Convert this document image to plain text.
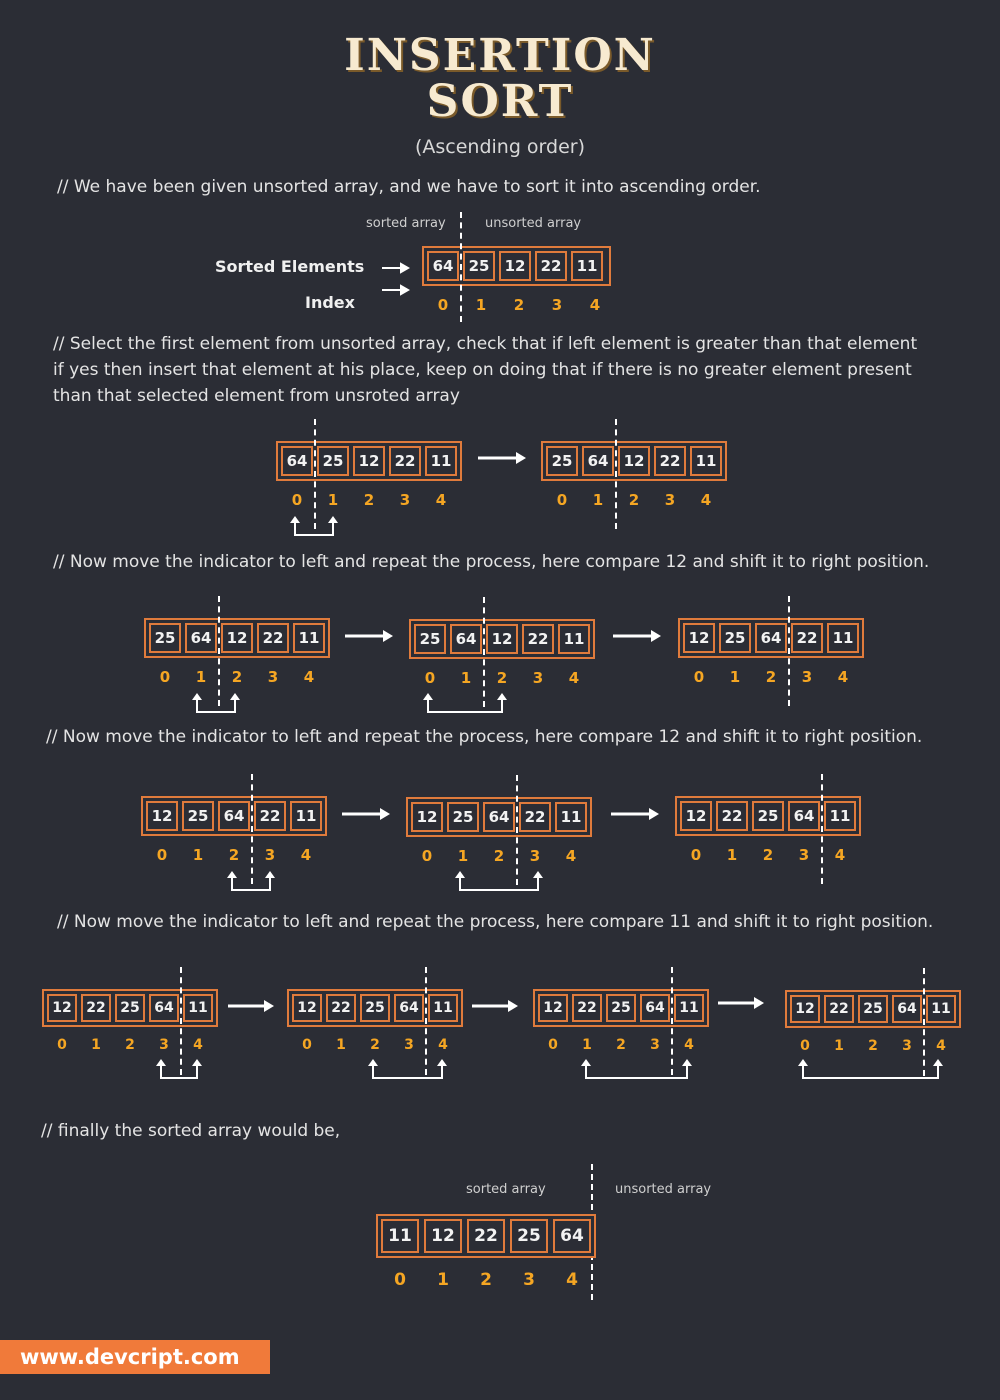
INSERTION
SORT
(Ascending order)
// We have been given unsorted array, and we have to sort it into ascending order.
sorted array	unsorted array
Sorted Elements
Index
64	25	12	22	11
0	1	2	3	4
// Select the first element from unsorted array, check that if left element is greater than that element if yes then insert that element at his place, keep on doing that if there is no greater element present than that selected element from unsroted array
// Now move the indicator to left and repeat the process, here compare 12 and shift it to right position.
// Now move the indicator to left and repeat the process, here compare 12 and shift it to right position.
// Now move the indicator to left and repeat the process, here compare 11 and shift it to right position.
// finally the sorted array would be,
sorted array	unsorted array
64	25	12	22	11
0	1	2	3	4
25	64	12	22	11
0	1	2	3	4
25	64	12	22	11
0	1	2	3	4
25	64	12	22	11
0	1	2	3	4
12	25	64	22	11
0	1	2	3	4
12	25	64	22	11
0	1	2	3	4
12	25	64	22	11
0	1	2	3	4
12	22	25	64	11
0	1	2	3	4
12	22	25	64	11
0	1	2	3	4
12	22	25	64	11
0	1	2	3	4
12	22	25	64	11
0	1	2	3	4
12	22	25	64	11
0	1	2	3	4
11	12	22	25	64
0	1	2	3	4
www.devcript.com
